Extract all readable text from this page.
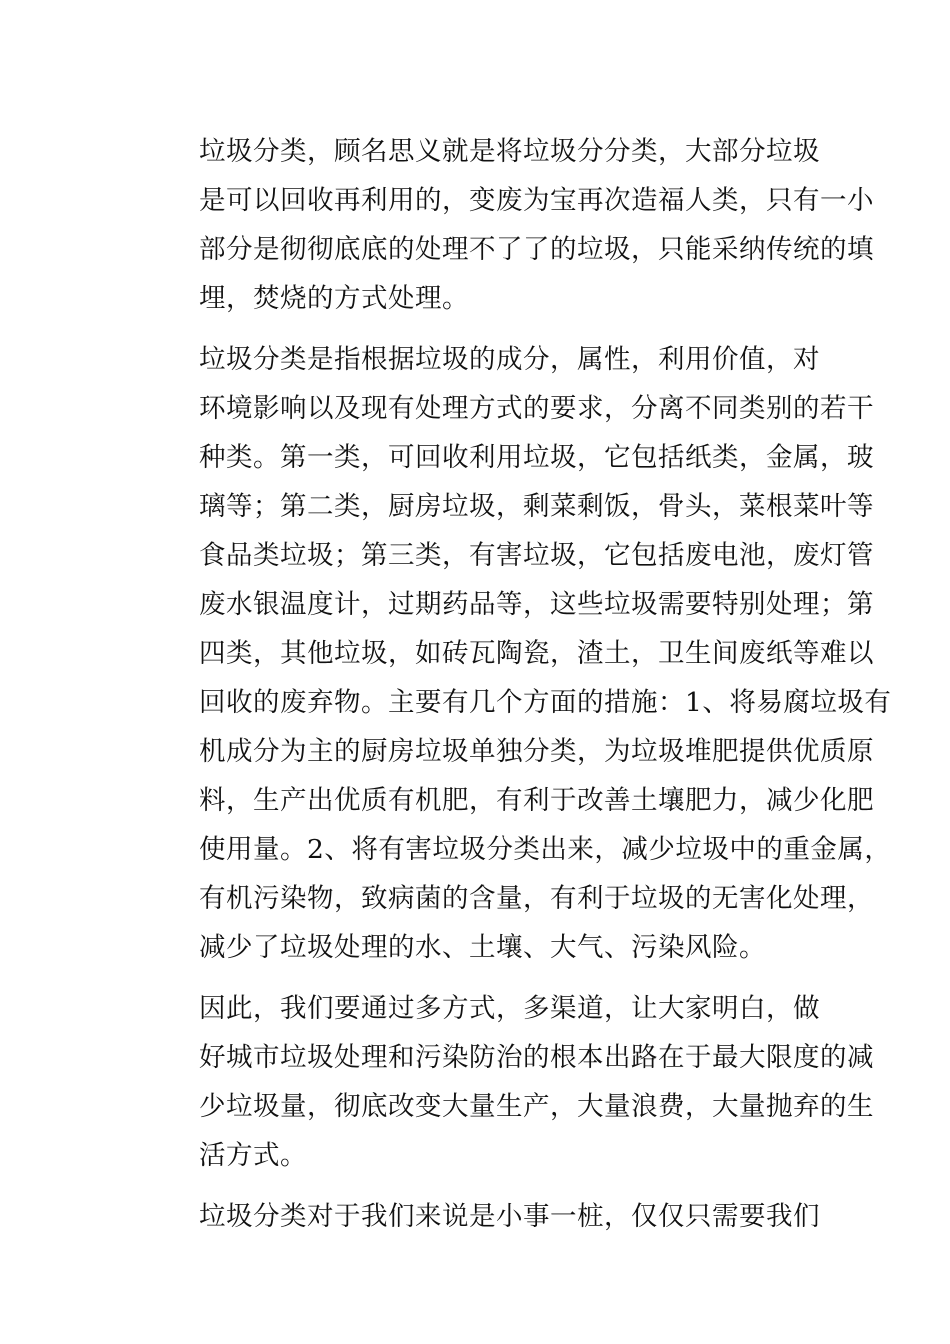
垃圾分类，顾名思义就是将垃圾分分类，大部分垃圾
是可以回收再利用的，变废为宝再次造福人类，只有一小
部分是彻彻底底的处理不了了的垃圾，只能采纳传统的填
埋，焚烧的方式处理。

垃圾分类是指根据垃圾的成分，属性，利用价值，对
环境影响以及现有处理方式的要求，分离不同类别的若干
种类。第一类，可回收利用垃圾，它包括纸类，金属，玻
璃等；第二类，厨房垃圾，剩菜剩饭，骨头，菜根菜叶等
食品类垃圾；第三类，有害垃圾，它包括废电池，废灯管
废水银温度计，过期药品等，这些垃圾需要特别处理；第
四类，其他垃圾，如砖瓦陶瓷，渣土，卫生间废纸等难以
回收的废弃物。主要有几个方面的措施：1、将易腐垃圾有
机成分为主的厨房垃圾单独分类，为垃圾堆肥提供优质原
料，生产出优质有机肥，有利于改善土壤肥力，减少化肥
使用量。2、将有害垃圾分类出来，减少垃圾中的重金属，
有机污染物，致病菌的含量，有利于垃圾的无害化处理，
减少了垃圾处理的水、土壤、大气、污染风险。

因此，我们要通过多方式，多渠道，让大家明白，做
好城市垃圾处理和污染防治的根本出路在于最大限度的减
少垃圾量，彻底改变大量生产，大量浪费，大量抛弃的生
活方式。

垃圾分类对于我们来说是小事一桩，仅仅只需要我们
